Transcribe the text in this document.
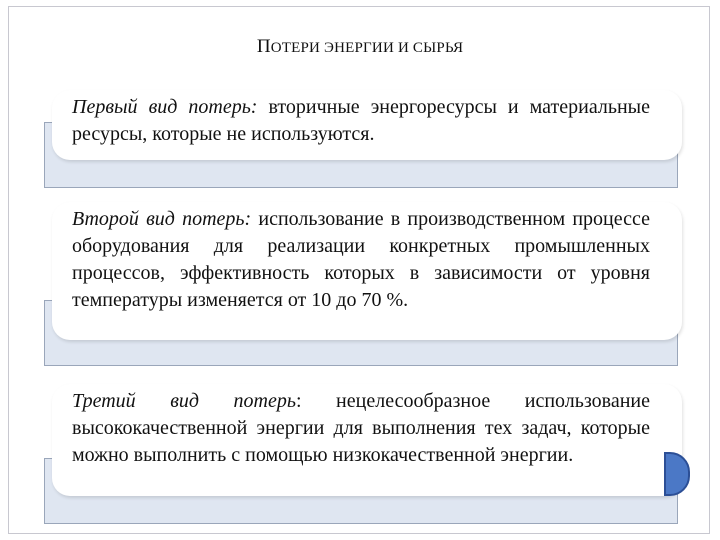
ПОТЕРИ ЭНЕРГИИ И СЫРЬЯ

Первый вид потерь: вторичные энергоресурсы и материальные ресурсы, которые не используются.

Второй вид потерь: использование в производственном процессе оборудования для реализации конкретных промышленных процессов, эффективность которых в зависимости от уровня температуры изменяется от 10 до 70 %.

Третий вид потерь: нецелесообразное использование высококачественной энергии для выполнения тех задач, которые можно выполнить с помощью низкокачественной энергии.
